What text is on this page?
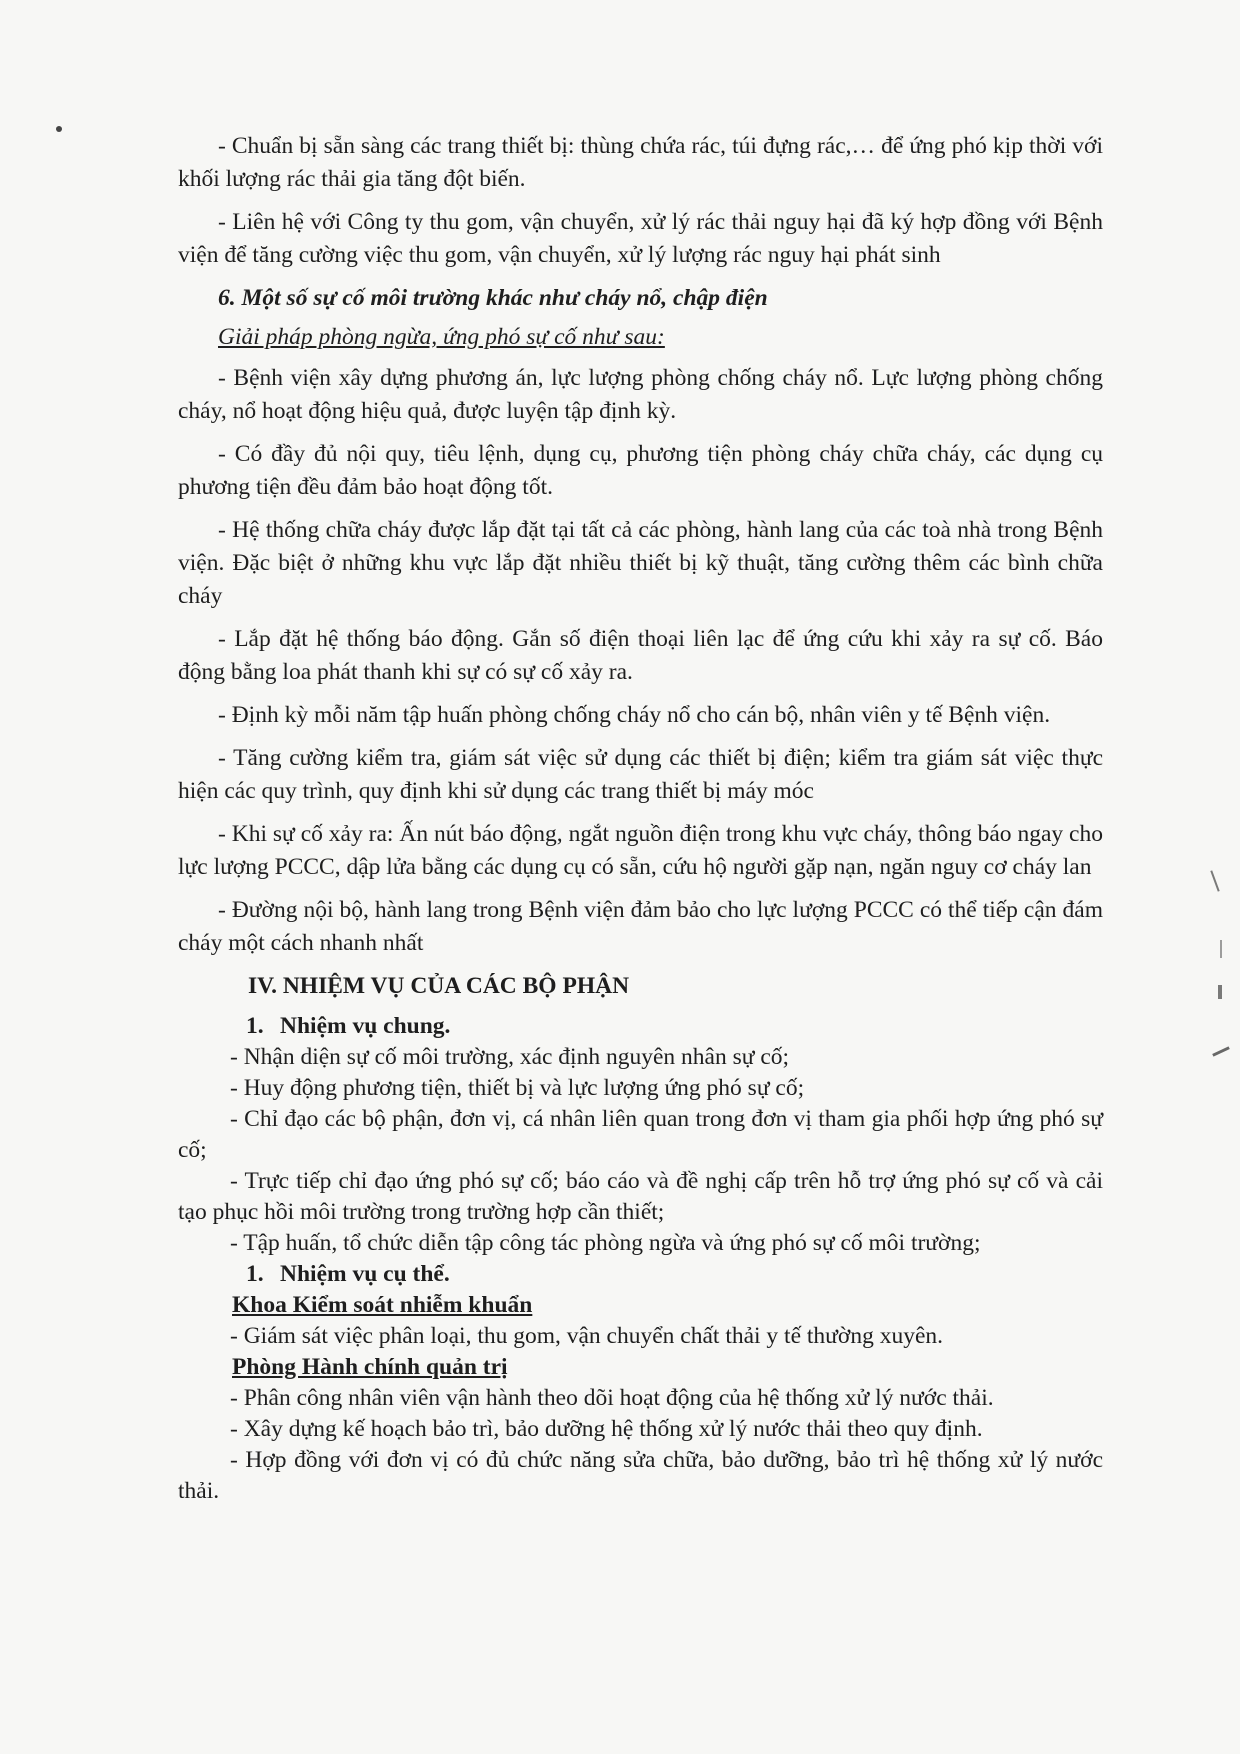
- Chuẩn bị sẵn sàng các trang thiết bị: thùng chứa rác, túi đựng rác,… để ứng phó kịp thời với khối lượng rác thải gia tăng đột biến.

- Liên hệ với Công ty thu gom, vận chuyển, xử lý rác thải nguy hại đã ký hợp đồng với Bệnh viện để tăng cường việc thu gom, vận chuyển, xử lý lượng rác nguy hại phát sinh

6. Một số sự cố môi trường khác như cháy nổ, chập điện

Giải pháp phòng ngừa, ứng phó sự cố như sau:

- Bệnh viện xây dựng phương án, lực lượng phòng chống cháy nổ. Lực lượng phòng chống cháy, nổ hoạt động hiệu quả, được luyện tập định kỳ.

- Có đầy đủ nội quy, tiêu lệnh, dụng cụ, phương tiện phòng cháy chữa cháy, các dụng cụ phương tiện đều đảm bảo hoạt động tốt.

- Hệ thống chữa cháy được lắp đặt tại tất cả các phòng, hành lang của các toà nhà trong Bệnh viện. Đặc biệt ở những khu vực lắp đặt nhiều thiết bị kỹ thuật, tăng cường thêm các bình chữa cháy

- Lắp đặt hệ thống báo động. Gắn số điện thoại liên lạc để ứng cứu khi xảy ra sự cố. Báo động bằng loa phát thanh khi sự có sự cố xảy ra.

- Định kỳ mỗi năm tập huấn phòng chống cháy nổ cho cán bộ, nhân viên y tế Bệnh viện.

- Tăng cường kiểm tra, giám sát việc sử dụng các thiết bị điện; kiểm tra giám sát việc thực hiện các quy trình, quy định khi sử dụng các trang thiết bị máy móc

- Khi sự cố xảy ra: Ấn nút báo động, ngắt nguồn điện trong khu vực cháy, thông báo ngay cho lực lượng PCCC, dập lửa bằng các dụng cụ có sẵn, cứu hộ người gặp nạn, ngăn nguy cơ cháy lan

- Đường nội bộ, hành lang trong Bệnh viện đảm bảo cho lực lượng PCCC có thể tiếp cận đám cháy một cách nhanh nhất

IV. NHIỆM VỤ CỦA CÁC BỘ PHẬN

1. Nhiệm vụ chung.

- Nhận diện sự cố môi trường, xác định nguyên nhân sự cố;

- Huy động phương tiện, thiết bị và lực lượng ứng phó sự cố;

- Chỉ đạo các bộ phận, đơn vị, cá nhân liên quan trong đơn vị tham gia phối hợp ứng phó sự cố;

- Trực tiếp chỉ đạo ứng phó sự cố; báo cáo và đề nghị cấp trên hỗ trợ ứng phó sự cố và cải tạo phục hồi môi trường trong trường hợp cần thiết;

- Tập huấn, tổ chức diễn tập công tác phòng ngừa và ứng phó sự cố môi trường;

1. Nhiệm vụ cụ thể.

Khoa Kiểm soát nhiễm khuẩn

- Giám sát việc phân loại, thu gom, vận chuyển chất thải y tế thường xuyên.

Phòng Hành chính quản trị

- Phân công nhân viên vận hành theo dõi hoạt động của hệ thống xử lý nước thải.

- Xây dựng kế hoạch bảo trì, bảo dưỡng hệ thống xử lý nước thải theo quy định.

- Hợp đồng với đơn vị có đủ chức năng sửa chữa, bảo dưỡng, bảo trì hệ thống xử lý nước thải.
